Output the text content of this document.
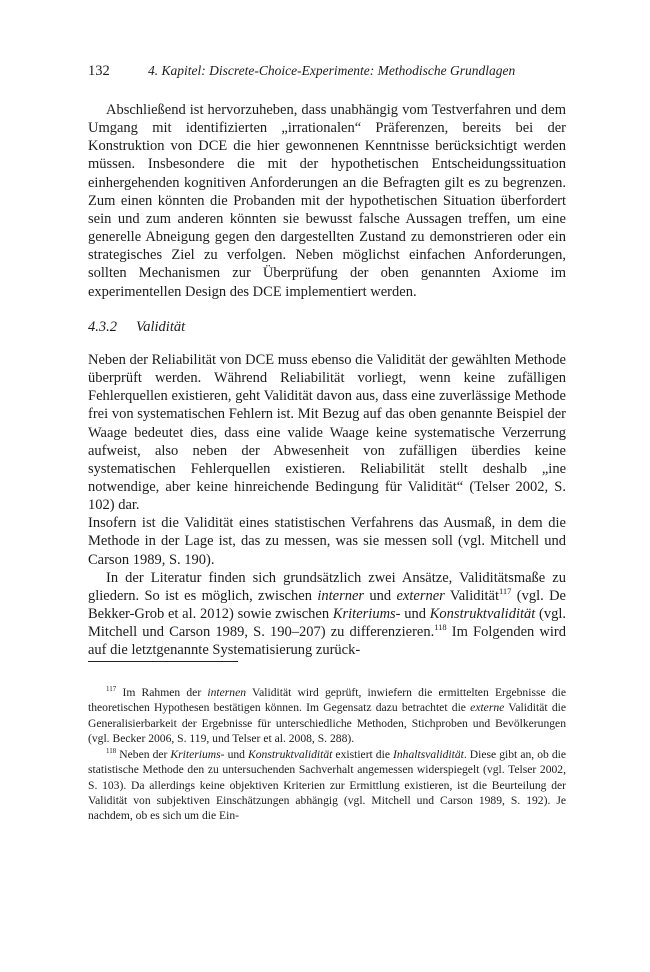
132	4. Kapitel: Discrete-Choice-Experimente: Methodische Grundlagen

Abschließend ist hervorzuheben, dass unabhängig vom Testverfahren und dem Umgang mit identifizierten „irrationalen“ Präferenzen, bereits bei der Konstruktion von DCE die hier gewonnenen Kenntnisse berücksichtigt werden müssen. Insbesondere die mit der hypothetischen Entscheidungssituation einhergehenden kognitiven Anforderungen an die Befragten gilt es zu begrenzen. Zum einen könnten die Probanden mit der hypothetischen Situation überfordert sein und zum anderen könnten sie bewusst falsche Aussagen treffen, um eine generelle Abneigung gegen den dargestellten Zustand zu demonstrieren oder ein strategisches Ziel zu verfolgen. Neben möglichst einfachen Anforderungen, sollten Mechanismen zur Überprüfung der oben genannten Axiome im experimentellen Design des DCE implementiert werden.

4.3.2 Validität

Neben der Reliabilität von DCE muss ebenso die Validität der gewählten Methode überprüft werden. Während Reliabilität vorliegt, wenn keine zufälligen Fehlerquellen existieren, geht Validität davon aus, dass eine zuverlässige Methode frei von systematischen Fehlern ist. Mit Bezug auf das oben genannte Beispiel der Waage bedeutet dies, dass eine valide Waage keine systematische Verzerrung aufweist, also neben der Abwesenheit von zufälligen überdies keine systematischen Fehlerquellen existieren. Reliabilität stellt deshalb „ine notwendige, aber keine hinreichende Bedingung für Validität“ (Telser 2002, S. 102) dar.

Insofern ist die Validität eines statistischen Verfahrens das Ausmaß, in dem die Methode in der Lage ist, das zu messen, was sie messen soll (vgl. Mitchell und Carson 1989, S. 190).

In der Literatur finden sich grundsätzlich zwei Ansätze, Validitätsmaße zu gliedern. So ist es möglich, zwischen interner und externer Validität$^{117}$ (vgl. De Bekker-Grob et al. 2012) sowie zwischen Kriteriums- und Konstruktvalidität (vgl. Mitchell und Carson 1989, S. 190–207) zu differenzieren.$^{118}$ Im Folgenden wird auf die letztgenannte Systematisierung zurück-

$^{117}$ Im Rahmen der internen Validität wird geprüft, inwiefern die ermittelten Ergebnisse die theoretischen Hypothesen bestätigen können. Im Gegensatz dazu betrachtet die externe Validität die Generalisierbarkeit der Ergebnisse für unterschiedliche Methoden, Stichproben und Bevölkerungen (vgl. Becker 2006, S. 119, und Telser et al. 2008, S. 288).

$^{118}$ Neben der Kriteriums- und Konstruktvalidität existiert die Inhaltsvalidität. Diese gibt an, ob die statistische Methode den zu untersuchenden Sachverhalt angemessen widerspiegelt (vgl. Telser 2002, S. 103). Da allerdings keine objektiven Kriterien zur Ermittlung existieren, ist die Beurteilung der Validität von subjektiven Einschätzungen abhängig (vgl. Mitchell und Carson 1989, S. 192). Je nachdem, ob es sich um die Ein-
